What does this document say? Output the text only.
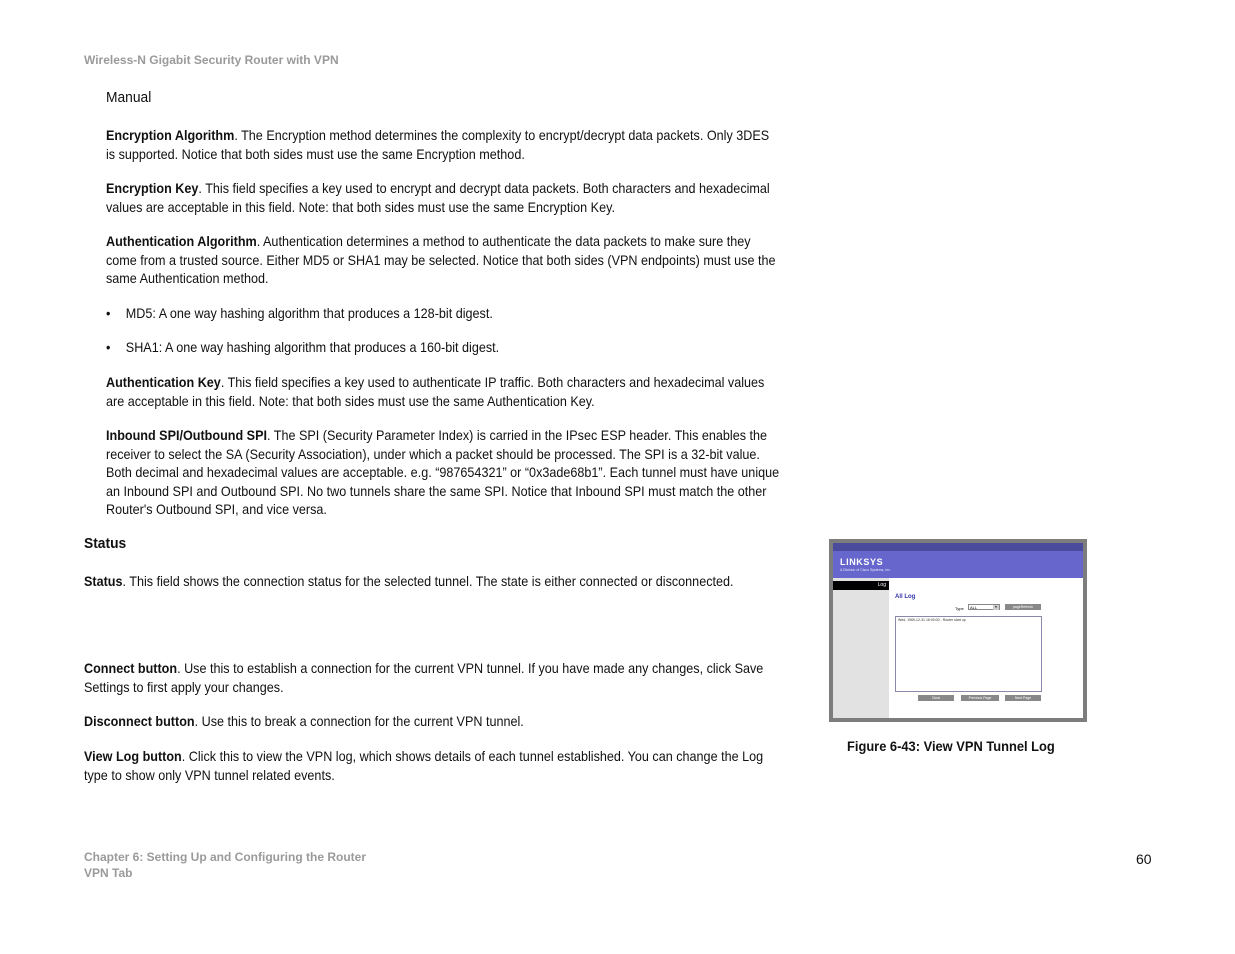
Wireless-N Gigabit Security Router with VPN
Manual
Encryption Algorithm. The Encryption method determines the complexity to encrypt/decrypt data packets. Only 3DES is supported. Notice that both sides must use the same Encryption method.
Encryption Key. This field specifies a key used to encrypt and decrypt data packets. Both characters and hexadecimal values are acceptable in this field. Note: that both sides must use the same Encryption Key.
Authentication Algorithm. Authentication determines a method to authenticate the data packets to make sure they come from a trusted source. Either MD5 or SHA1 may be selected. Notice that both sides (VPN endpoints) must use the same Authentication method.
•	MD5: A one way hashing algorithm that produces a 128-bit digest.
•	SHA1: A one way hashing algorithm that produces a 160-bit digest.
Authentication Key. This field specifies a key used to authenticate IP traffic. Both characters and hexadecimal values are acceptable in this field. Note: that both sides must use the same Authentication Key.
Inbound SPI/Outbound SPI. The SPI (Security Parameter Index) is carried in the IPsec ESP header. This enables the receiver to select the SA (Security Association), under which a packet should be processed. The SPI is a 32-bit value. Both decimal and hexadecimal values are acceptable. e.g. “987654321” or “0x3ade68b1”. Each tunnel must have unique an Inbound SPI and Outbound SPI. No two tunnels share the same SPI. Notice that Inbound SPI must match the other Router's Outbound SPI, and vice versa.
Status
Status. This field shows the connection status for the selected tunnel. The state is either connected or disconnected.
Connect button. Use this to establish a connection for the current VPN tunnel. If you have made any changes, click Save Settings to first apply your changes.
Disconnect button. Use this to break a connection for the current VPN tunnel.
View Log button. Click this to view the VPN log, which shows details of each tunnel established. You can change the Log type to show only VPN tunnel related events.
LINKSYS
A Division of Cisco Systems, Inc.
Log
All Log
Type	ALL	▼	pageRefresh
Wed, 1969-12-31 16:00:00 - Router start up
Clear	Previous Page	Next Page
Figure 6-43: View VPN Tunnel Log
Chapter 6: Setting Up and Configuring the Router
VPN Tab
60
